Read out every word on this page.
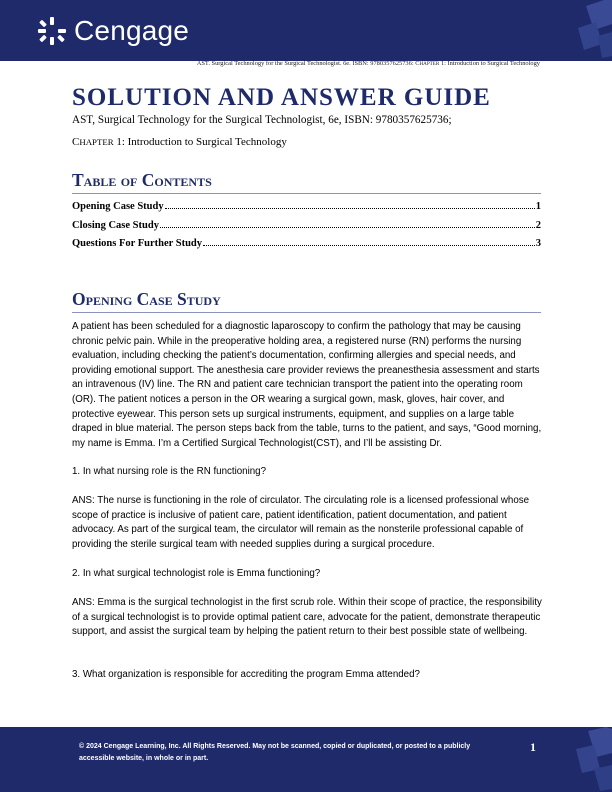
Cengage
AST. Surgical Technology for the Surgical Technologist. 6e. ISBN: 9780357625736: CHAPTER 1: Introduction to Surgical Technology
SOLUTION AND ANSWER GUIDE
AST, Surgical Technology for the Surgical Technologist, 6e, ISBN: 9780357625736;
CHAPTER 1: Introduction to Surgical Technology
Table of Contents
Opening Case Study	1
Closing Case Study	2
Questions For Further Study	3
Opening Case Study

A patient has been scheduled for a diagnostic laparoscopy to confirm the pathology that may be causing chronic pelvic pain. While in the preoperative holding area, a registered nurse (RN) performs the nursing evaluation, including checking the patient’s documentation, confirming allergies and special needs, and providing emotional support. The anesthesia care provider reviews the preanesthesia assessment and starts an intravenous (IV) line. The RN and patient care technician transport the patient into the operating room (OR). The patient notices a person in the OR wearing a surgical gown, mask, gloves, hair cover, and protective eyewear. This person sets up surgical instruments, equipment, and supplies on a large table draped in blue material. The person steps back from the table, turns to the patient, and says, “Good morning, my name is Emma. I’m a Certified Surgical Technologist(CST), and I’ll be assisting Dr.

1. In what nursing role is the RN functioning?

ANS: The nurse is functioning in the role of circulator. The circulating role is a licensed professional whose scope of practice is inclusive of patient care, patient identification, patient documentation, and patient advocacy. As part of the surgical team, the circulator will remain as the nonsterile professional capable of providing the sterile surgical team with needed supplies during a surgical procedure.

2. In what surgical technologist role is Emma functioning?

ANS: Emma is the surgical technologist in the first scrub role. Within their scope of practice, the responsibility of a surgical technologist is to provide optimal patient care, advocate for the patient, demonstrate therapeutic support, and assist the surgical team by helping the patient return to their best possible state of wellbeing.

3. What organization is responsible for accrediting the program Emma attended?

© 2024 Cengage Learning, Inc. All Rights Reserved. May not be scanned, copied or duplicated, or posted to a publicly accessible website, in whole or in part.
1
